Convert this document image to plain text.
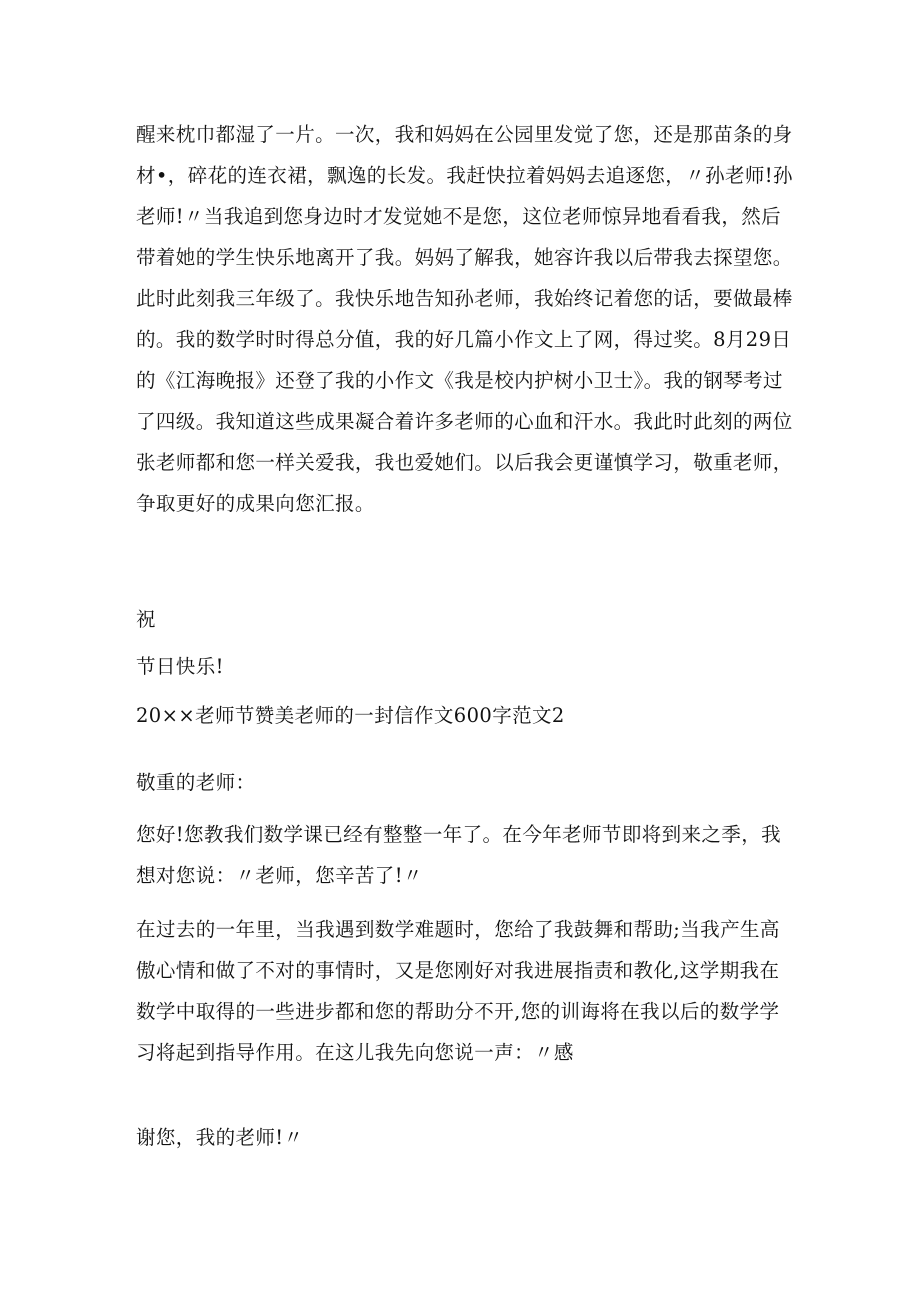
醒来枕巾都湿了一片。一次，我和妈妈在公园里发觉了您，还是那苗条的身
材•，碎花的连衣裙，飘逸的长发。我赶快拉着妈妈去追逐您，〃孙老师!孙
老师!〃当我追到您身边时才发觉她不是您，这位老师惊异地看看我，然后
带着她的学生快乐地离开了我。妈妈了解我，她容许我以后带我去探望您。
此时此刻我三年级了。我快乐地告知孙老师，我始终记着您的话，要做最棒
的。我的数学时时得总分值，我的好几篇小作文上了网，得过奖。8月29日
的《江海晚报》还登了我的小作文《我是校内护树小卫士》。我的钢琴考过
了四级。我知道这些成果凝合着许多老师的心血和汗水。我此时此刻的两位
张老师都和您一样关爱我，我也爱她们。以后我会更谨慎学习，敬重老师，
争取更好的成果向您汇报。
祝
节日快乐!
20××老师节赞美老师的一封信作文600字范文2
敬重的老师：
您好!您教我们数学课已经有整整一年了。在今年老师节即将到来之季，我
想对您说：〃老师，您辛苦了!〃
在过去的一年里，当我遇到数学难题时，您给了我鼓舞和帮助;当我产生高
傲心情和做了不对的事情时，又是您刚好对我进展指责和教化,这学期我在
数学中取得的一些进步都和您的帮助分不开,您的训诲将在我以后的数学学
习将起到指导作用。在这儿我先向您说一声：〃感
谢您，我的老师!〃
